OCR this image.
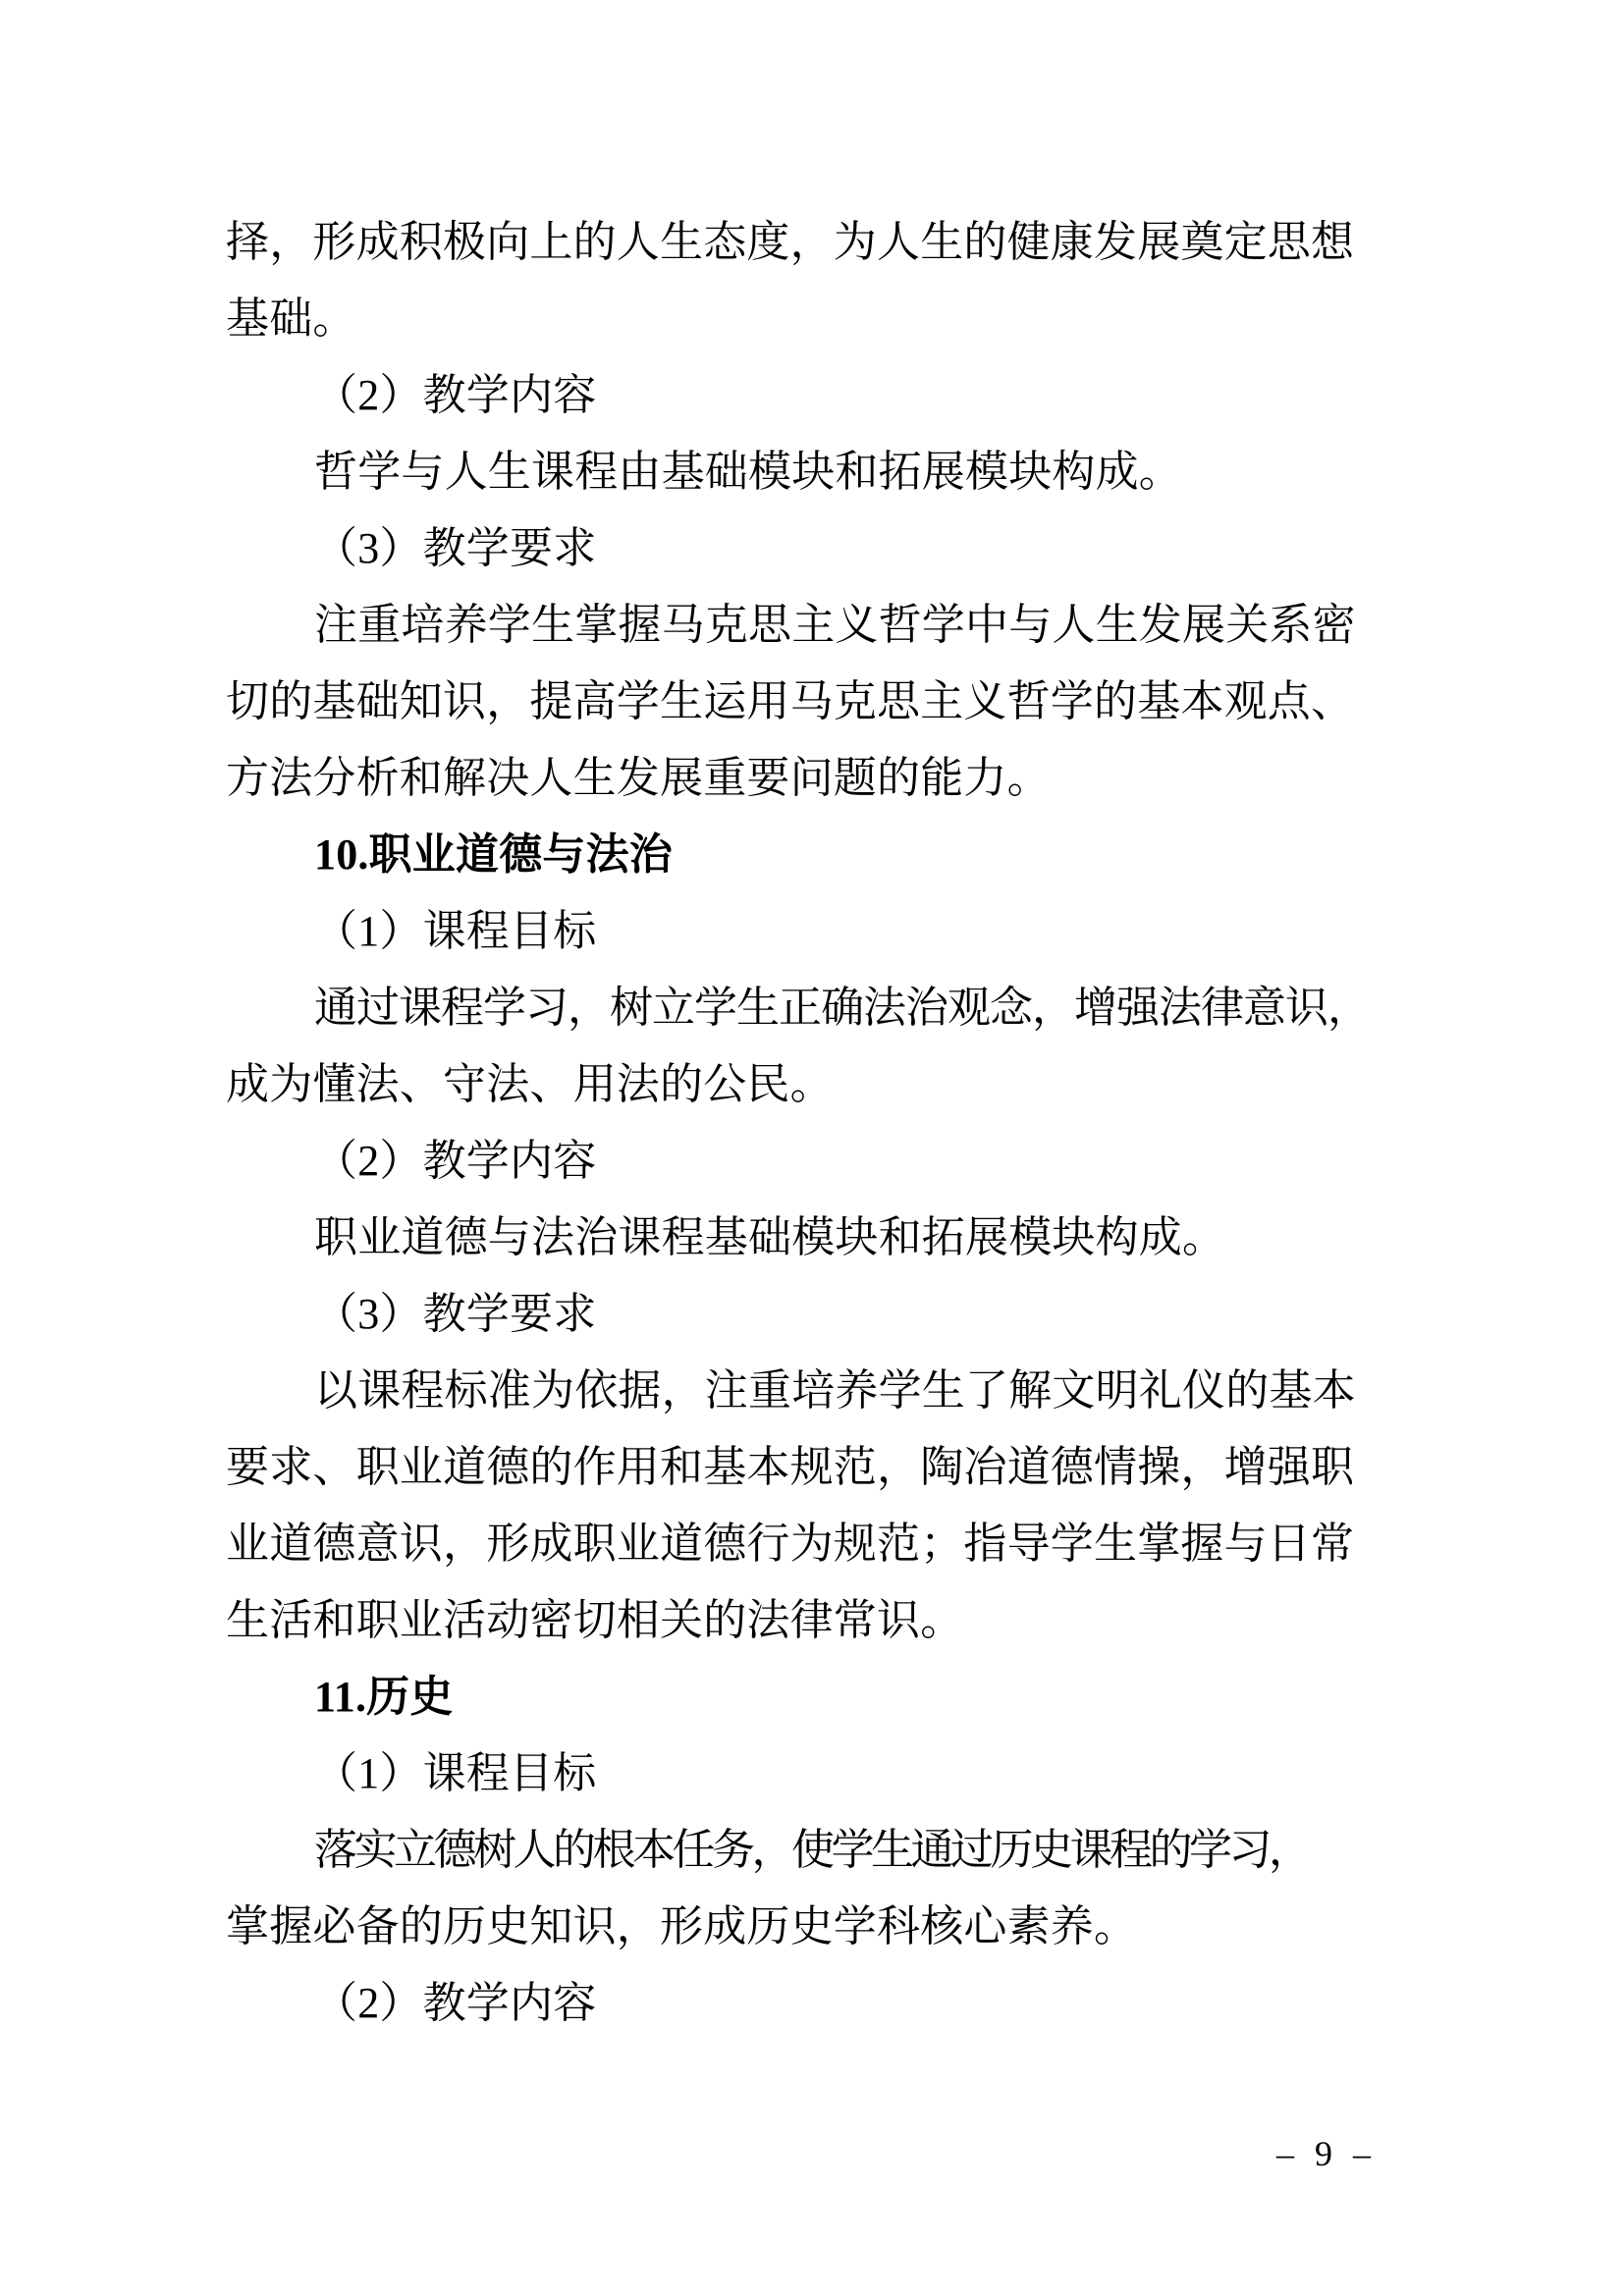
择，形成积极向上的人生态度，为人生的健康发展奠定思想
基础。
（2）教学内容
哲学与人生课程由基础模块和拓展模块构成。
（3）教学要求
注重培养学生掌握马克思主义哲学中与人生发展关系密
切的基础知识，提高学生运用马克思主义哲学的基本观点、
方法分析和解决人生发展重要问题的能力。
10.职业道德与法治
（1）课程目标
通过课程学习，树立学生正确法治观念，增强法律意识，
成为懂法、守法、用法的公民。
（2）教学内容
职业道德与法治课程基础模块和拓展模块构成。
（3）教学要求
以课程标准为依据，注重培养学生了解文明礼仪的基本
要求、职业道德的作用和基本规范，陶冶道德情操，增强职
业道德意识，形成职业道德行为规范；指导学生掌握与日常
生活和职业活动密切相关的法律常识。
11.历史
（1）课程目标
落实立德树人的根本任务，使学生通过历史课程的学习，
掌握必备的历史知识，形成历史学科核心素养。
（2）教学内容
– 9 –
